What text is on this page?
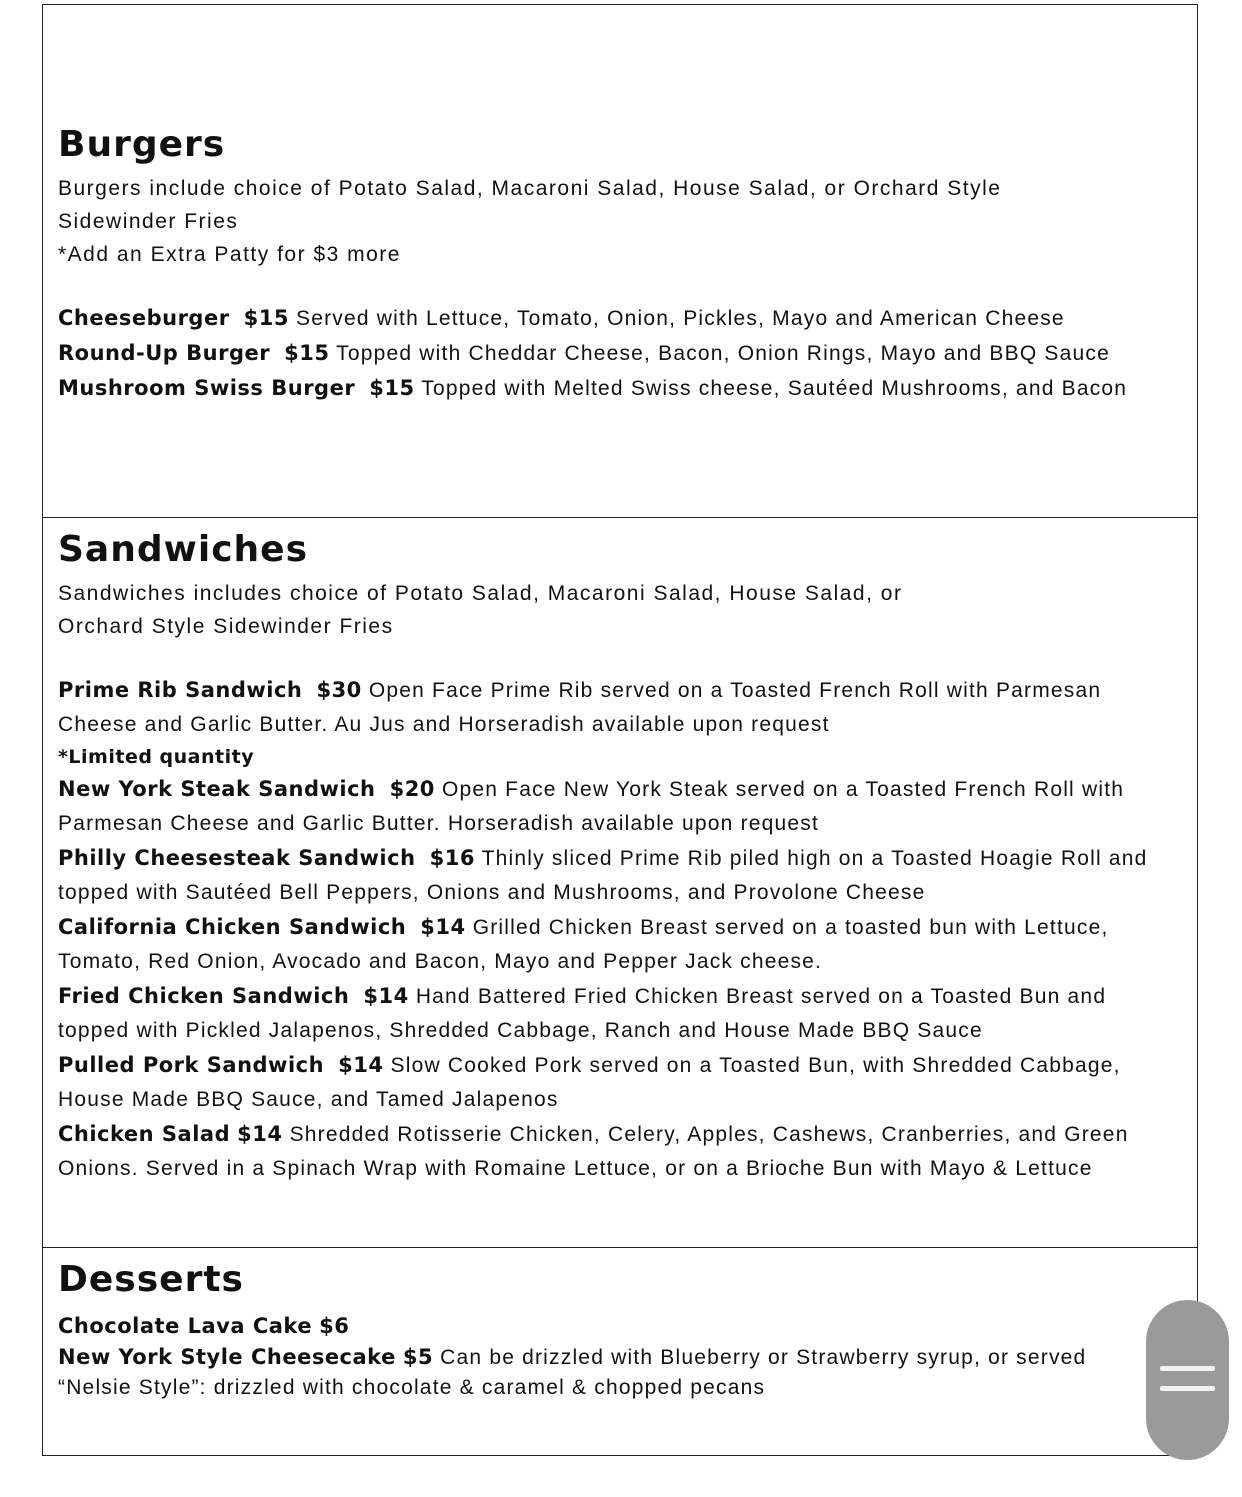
Burgers

Burgers include choice of Potato Salad, Macaroni Salad, House Salad, or Orchard Style
Sidewinder Fries
*Add an Extra Patty for $3 more

Cheeseburger $15 Served with Lettuce, Tomato, Onion, Pickles, Mayo and American Cheese

Round-Up Burger $15 Topped with Cheddar Cheese, Bacon, Onion Rings, Mayo and BBQ Sauce

Mushroom Swiss Burger $15 Topped with Melted Swiss cheese, Sautéed Mushrooms, and Bacon

Sandwiches

Sandwiches includes choice of Potato Salad, Macaroni Salad, House Salad, or
Orchard Style Sidewinder Fries

Prime Rib Sandwich $30 Open Face Prime Rib served on a Toasted French Roll with Parmesan Cheese and Garlic Butter. Au Jus and Horseradish available upon request
*Limited quantity

New York Steak Sandwich $20 Open Face New York Steak served on a Toasted French Roll with Parmesan Cheese and Garlic Butter. Horseradish available upon request

Philly Cheesesteak Sandwich $16 Thinly sliced Prime Rib piled high on a Toasted Hoagie Roll and topped with Sautéed Bell Peppers, Onions and Mushrooms, and Provolone Cheese

California Chicken Sandwich $14 Grilled Chicken Breast served on a toasted bun with Lettuce, Tomato, Red Onion, Avocado and Bacon, Mayo and Pepper Jack cheese.

Fried Chicken Sandwich $14 Hand Battered Fried Chicken Breast served on a Toasted Bun and topped with Pickled Jalapenos, Shredded Cabbage, Ranch and House Made BBQ Sauce

Pulled Pork Sandwich $14 Slow Cooked Pork served on a Toasted Bun, with Shredded Cabbage, House Made BBQ Sauce, and Tamed Jalapenos

Chicken Salad $14 Shredded Rotisserie Chicken, Celery, Apples, Cashews, Cranberries, and Green Onions. Served in a Spinach Wrap with Romaine Lettuce, or on a Brioche Bun with Mayo & Lettuce

Desserts

Chocolate Lava Cake $6

New York Style Cheesecake $5 Can be drizzled with Blueberry or Strawberry syrup, or served “Nelsie Style”: drizzled with chocolate & caramel & chopped pecans
